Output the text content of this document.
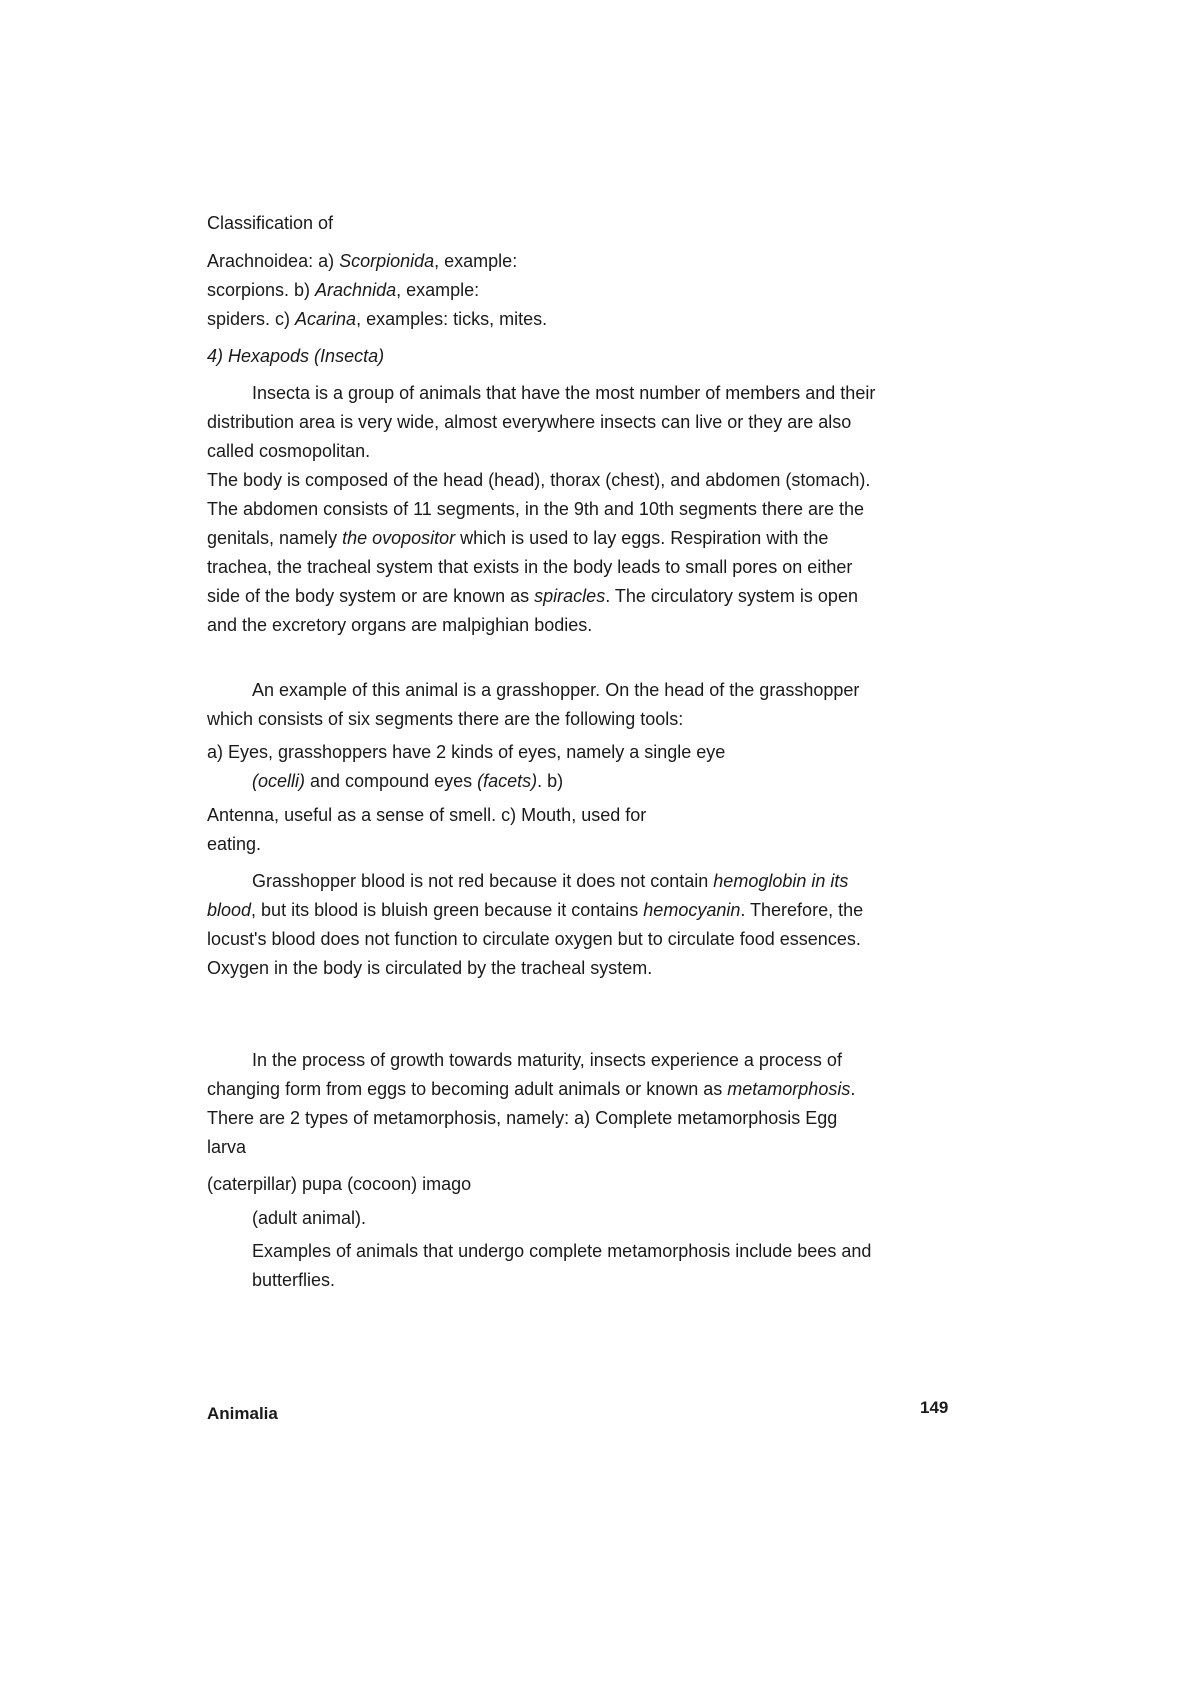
Classification of
Arachnoidea: a) Scorpionida, example:
scorpions. b) Arachnida, example:
spiders. c) Acarina, examples: ticks, mites.
4) Hexapods (Insecta)
Insecta is a group of animals that have the most number of members and their
distribution area is very wide, almost everywhere insects can live or they are also
called cosmopolitan.
The body is composed of the head (head), thorax (chest), and abdomen (stomach).
The abdomen consists of 11 segments, in the 9th and 10th segments there are the
genitals, namely the ovopositor which is used to lay eggs. Respiration with the
trachea, the tracheal system that exists in the body leads to small pores on either
side of the body system or are known as spiracles. The circulatory system is open
and the excretory organs are malpighian bodies.
An example of this animal is a grasshopper. On the head of the grasshopper
which consists of six segments there are the following tools:
a) Eyes, grasshoppers have 2 kinds of eyes, namely a single eye
(ocelli) and compound eyes (facets). b)
Antenna, useful as a sense of smell. c) Mouth, used for
eating.
Grasshopper blood is not red because it does not contain hemoglobin in its
blood, but its blood is bluish green because it contains hemocyanin. Therefore, the
locust's blood does not function to circulate oxygen but to circulate food essences.
Oxygen in the body is circulated by the tracheal system.
In the process of growth towards maturity, insects experience a process of
changing form from eggs to becoming adult animals or known as metamorphosis.
There are 2 types of metamorphosis, namely: a) Complete metamorphosis Egg
larva
(caterpillar) pupa (cocoon) imago
(adult animal).
Examples of animals that undergo complete metamorphosis include bees and
butterflies.
Animalia	149
